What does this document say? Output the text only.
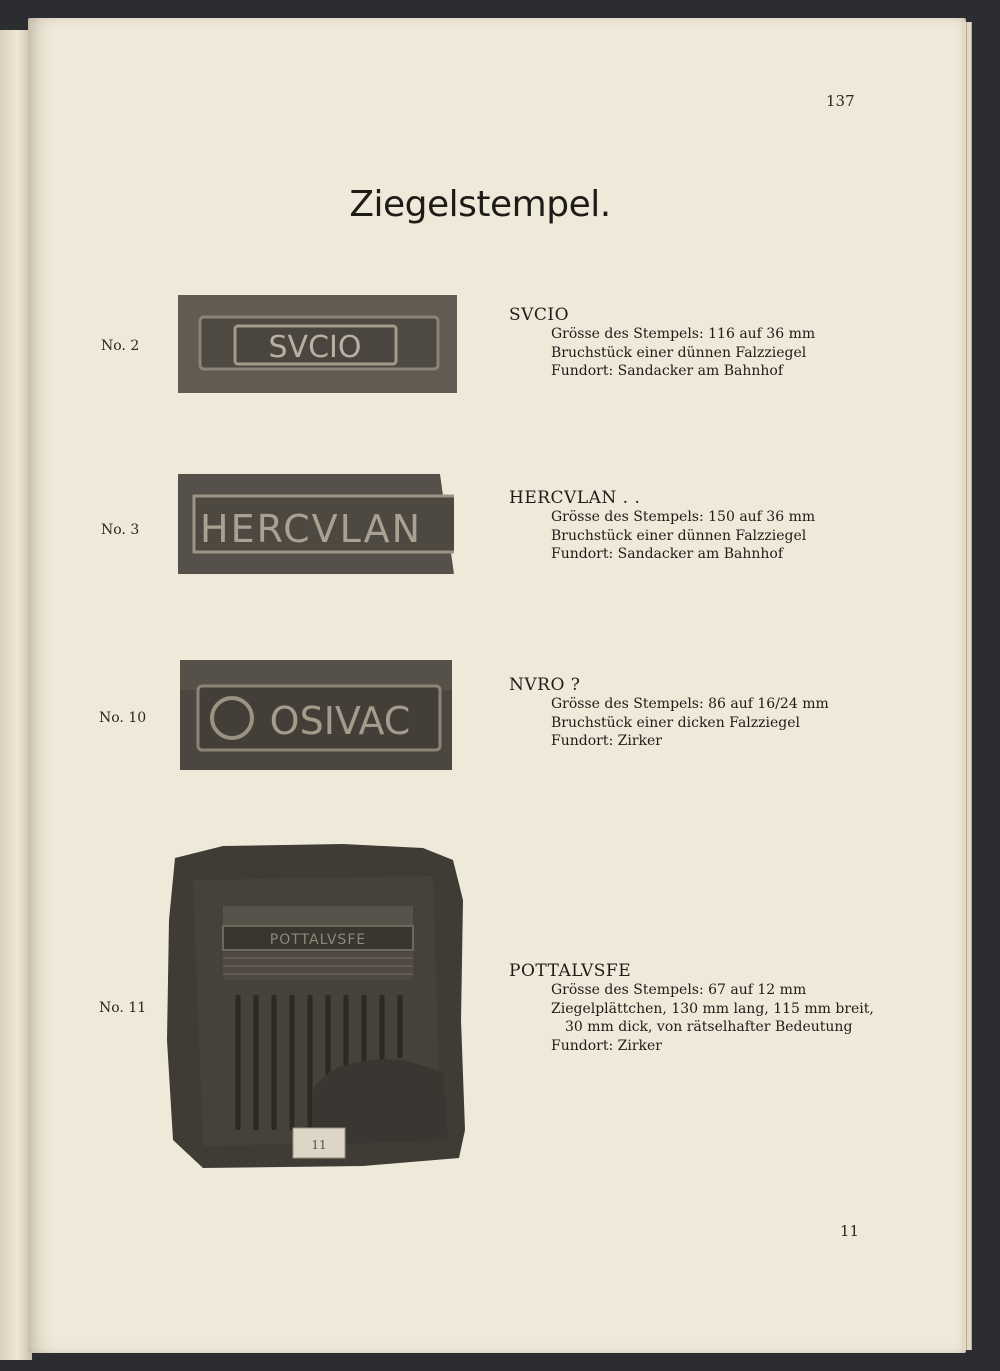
137
Ziegelstempel.
No. 2	SVCIO
SVCIO
Grösse des Stempels: 116 auf 36 mm
Bruchstück einer dünnen Falzziegel
Fundort: Sandacker am Bahnhof
No. 3 HERCVLAN
HERCVLAN . .
Grösse des Stempels: 150 auf 36 mm
Bruchstück einer dünnen Falzziegel
Fundort: Sandacker am Bahnhof
No. 10	OSIVAC
NVRO ?
Grösse des Stempels: 86 auf 16/24 mm
Bruchstück einer dicken Falzziegel
Fundort: Zirker
No. 11
POTTALVSFE
11
POTTALVSFE
Grösse des Stempels: 67 auf 12 mm
Ziegelplättchen, 130 mm lang, 115 mm breit,
30 mm dick, von rätselhafter Bedeutung
Fundort: Zirker
11
